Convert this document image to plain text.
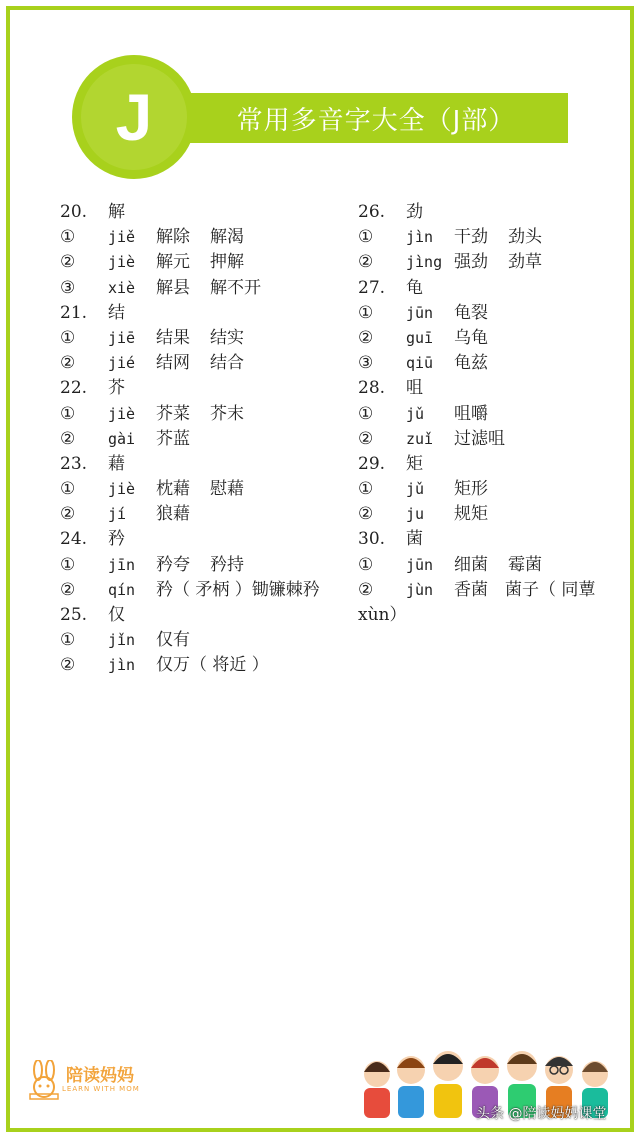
J	常用多音字大全（J部）
20.	解
①	jiě	解除 解渴
②	jiè	解元 押解
③	xiè	解县 解不开
21.	结
①	jiē	结果 结实
②	jié	结网 结合
22.	芥
①	jiè	芥菜 芥末
②	gài	芥蓝
23.	藉
①	jiè	枕藉 慰藉
②	jí	狼藉
24.	矜
①	jīn	矜夸 矜持
② qín 矜（ 矛柄 ）锄镰棘矜
25.	仅
①	jǐn	仅有
②	jìn	仅万（ 将近 ）
26.	劲
①	jìn	干劲 劲头
②	jìng 强劲 劲草
27.	龟
①	jūn	龟裂
②	guī	乌龟
③	qiū	龟兹
28.	咀
①	jǔ	咀嚼
②	zuǐ	过滤咀
29.	矩
①	jǔ	矩形
②	ju	规矩
30.	菌
①	jūn	细菌 霉菌
② jùn 香菌　菌子（ 同蕈 xùn）
陪读妈妈
LEARN WITH MOM
头条 @陪读妈妈课堂
